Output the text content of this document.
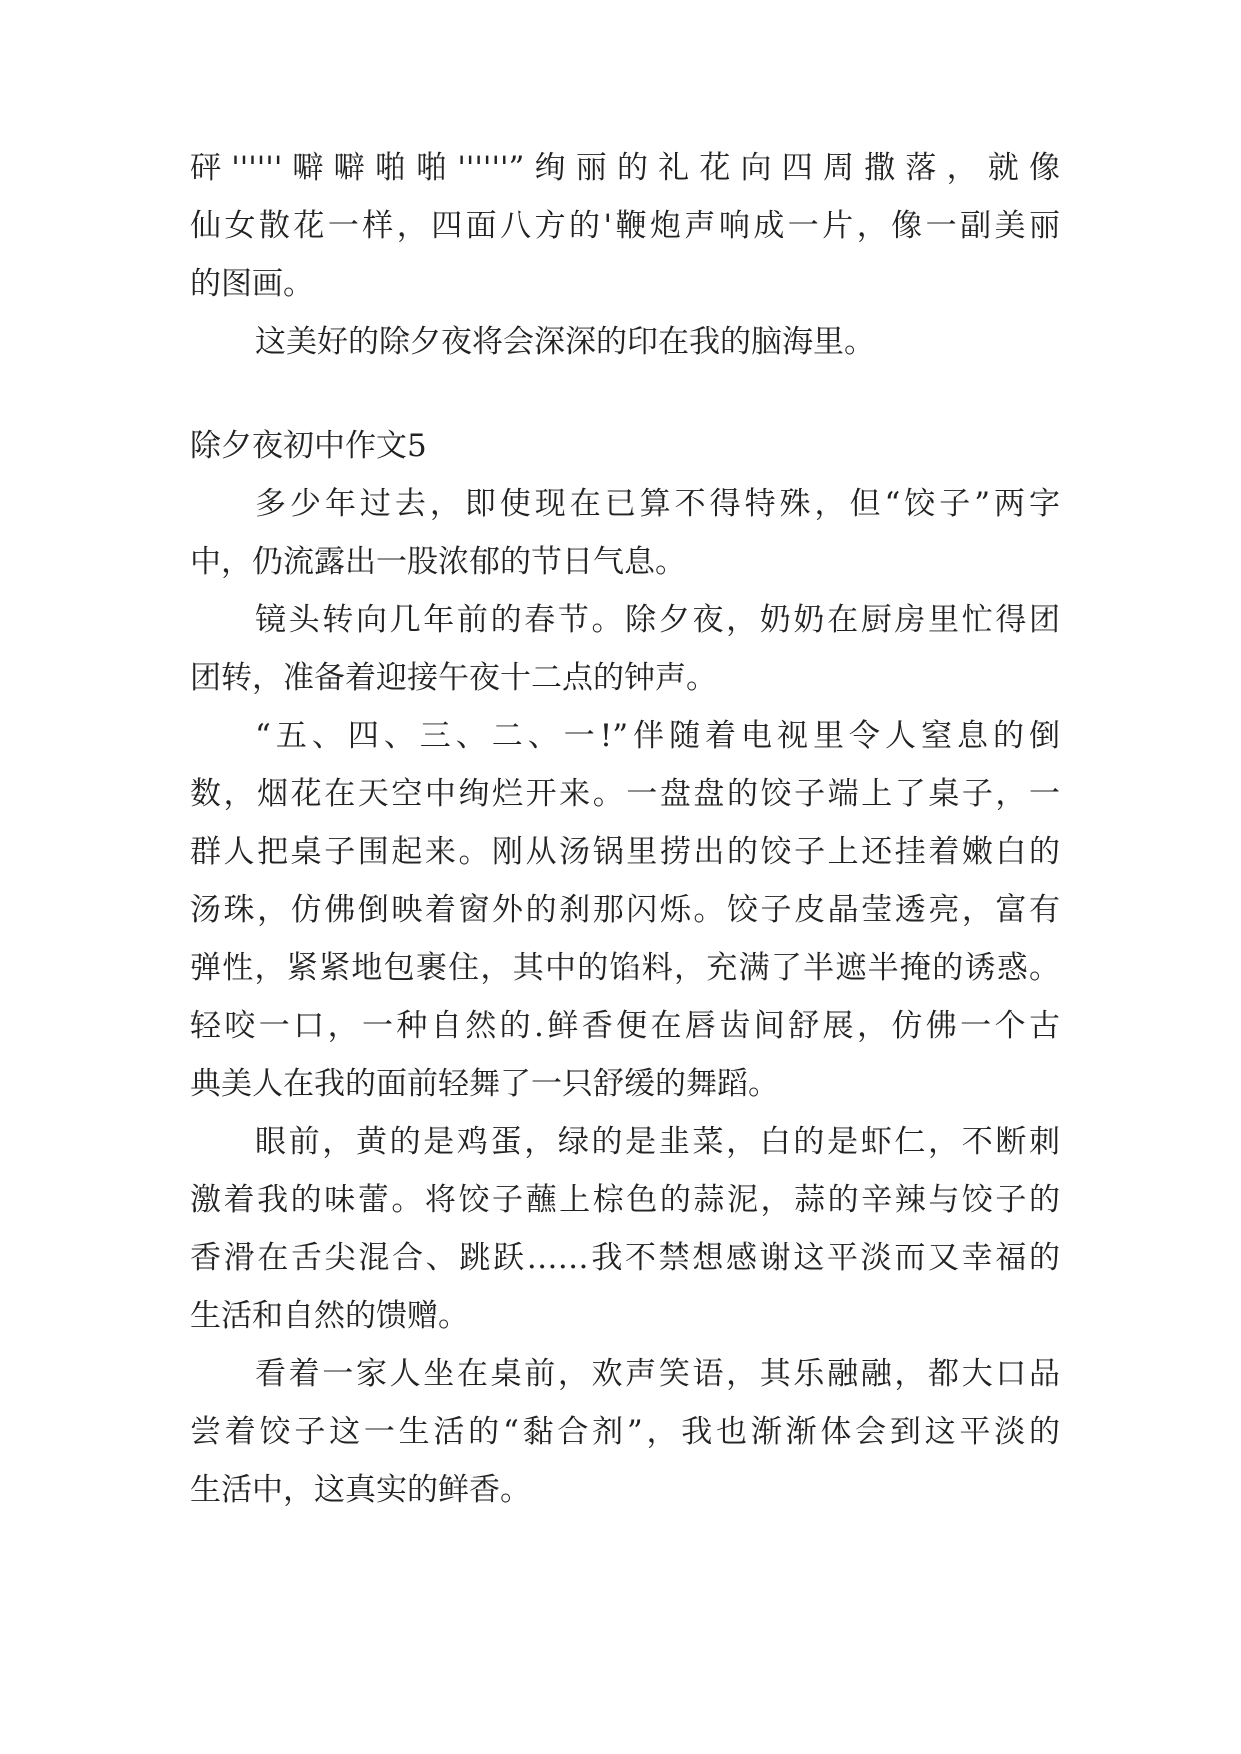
砰''''''噼噼啪啪''''''”绚丽的礼花向四周撒落，就像
仙女散花一样，四面八方的'鞭炮声响成一片，像一副美丽
的图画。
这美好的除夕夜将会深深的印在我的脑海里。
除夕夜初中作文5
多少年过去，即使现在已算不得特殊，但“饺子”两字
中，仍流露出一股浓郁的节日气息。
镜头转向几年前的春节。除夕夜，奶奶在厨房里忙得团
团转，准备着迎接午夜十二点的钟声。
“五、四、三、二、一!”伴随着电视里令人窒息的倒
数，烟花在天空中绚烂开来。一盘盘的饺子端上了桌子，一
群人把桌子围起来。刚从汤锅里捞出的饺子上还挂着嫩白的
汤珠，仿佛倒映着窗外的刹那闪烁。饺子皮晶莹透亮，富有
弹性，紧紧地包裹住，其中的馅料，充满了半遮半掩的诱惑。
轻咬一口，一种自然的.鲜香便在唇齿间舒展，仿佛一个古
典美人在我的面前轻舞了一只舒缓的舞蹈。
眼前，黄的是鸡蛋，绿的是韭菜，白的是虾仁，不断刺
激着我的味蕾。将饺子蘸上棕色的蒜泥，蒜的辛辣与饺子的
香滑在舌尖混合、跳跃……我不禁想感谢这平淡而又幸福的
生活和自然的馈赠。
看着一家人坐在桌前，欢声笑语，其乐融融，都大口品
尝着饺子这一生活的“黏合剂”，我也渐渐体会到这平淡的
生活中，这真实的鲜香。
